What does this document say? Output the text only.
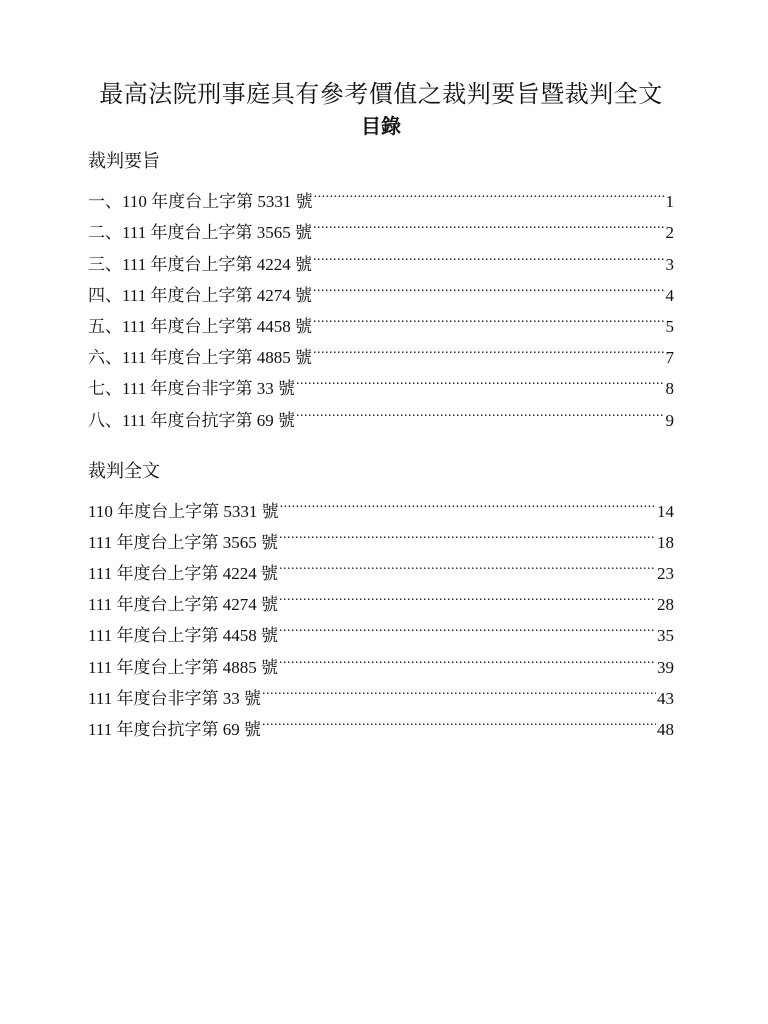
最高法院刑事庭具有參考價值之裁判要旨暨裁判全文
目錄
裁判要旨
一、110 年度台上字第 5331 號 .....	1
二、111 年度台上字第 3565 號 .....	2
三、111 年度台上字第 4224 號 .....	3
四、111 年度台上字第 4274 號 .....	4
五、111 年度台上字第 4458 號 .....	5
六、111 年度台上字第 4885 號 .....	7
七、111 年度台非字第 33 號 .....	8
八、111 年度台抗字第 69 號 .....	9
裁判全文
110 年度台上字第 5331 號 .....	14
111 年度台上字第 3565 號 .....	18
111 年度台上字第 4224 號 .....	23
111 年度台上字第 4274 號 .....	28
111 年度台上字第 4458 號 .....	35
111 年度台上字第 4885 號 .....	39
111 年度台非字第 33 號 .....	43
111 年度台抗字第 69 號 .....	48
